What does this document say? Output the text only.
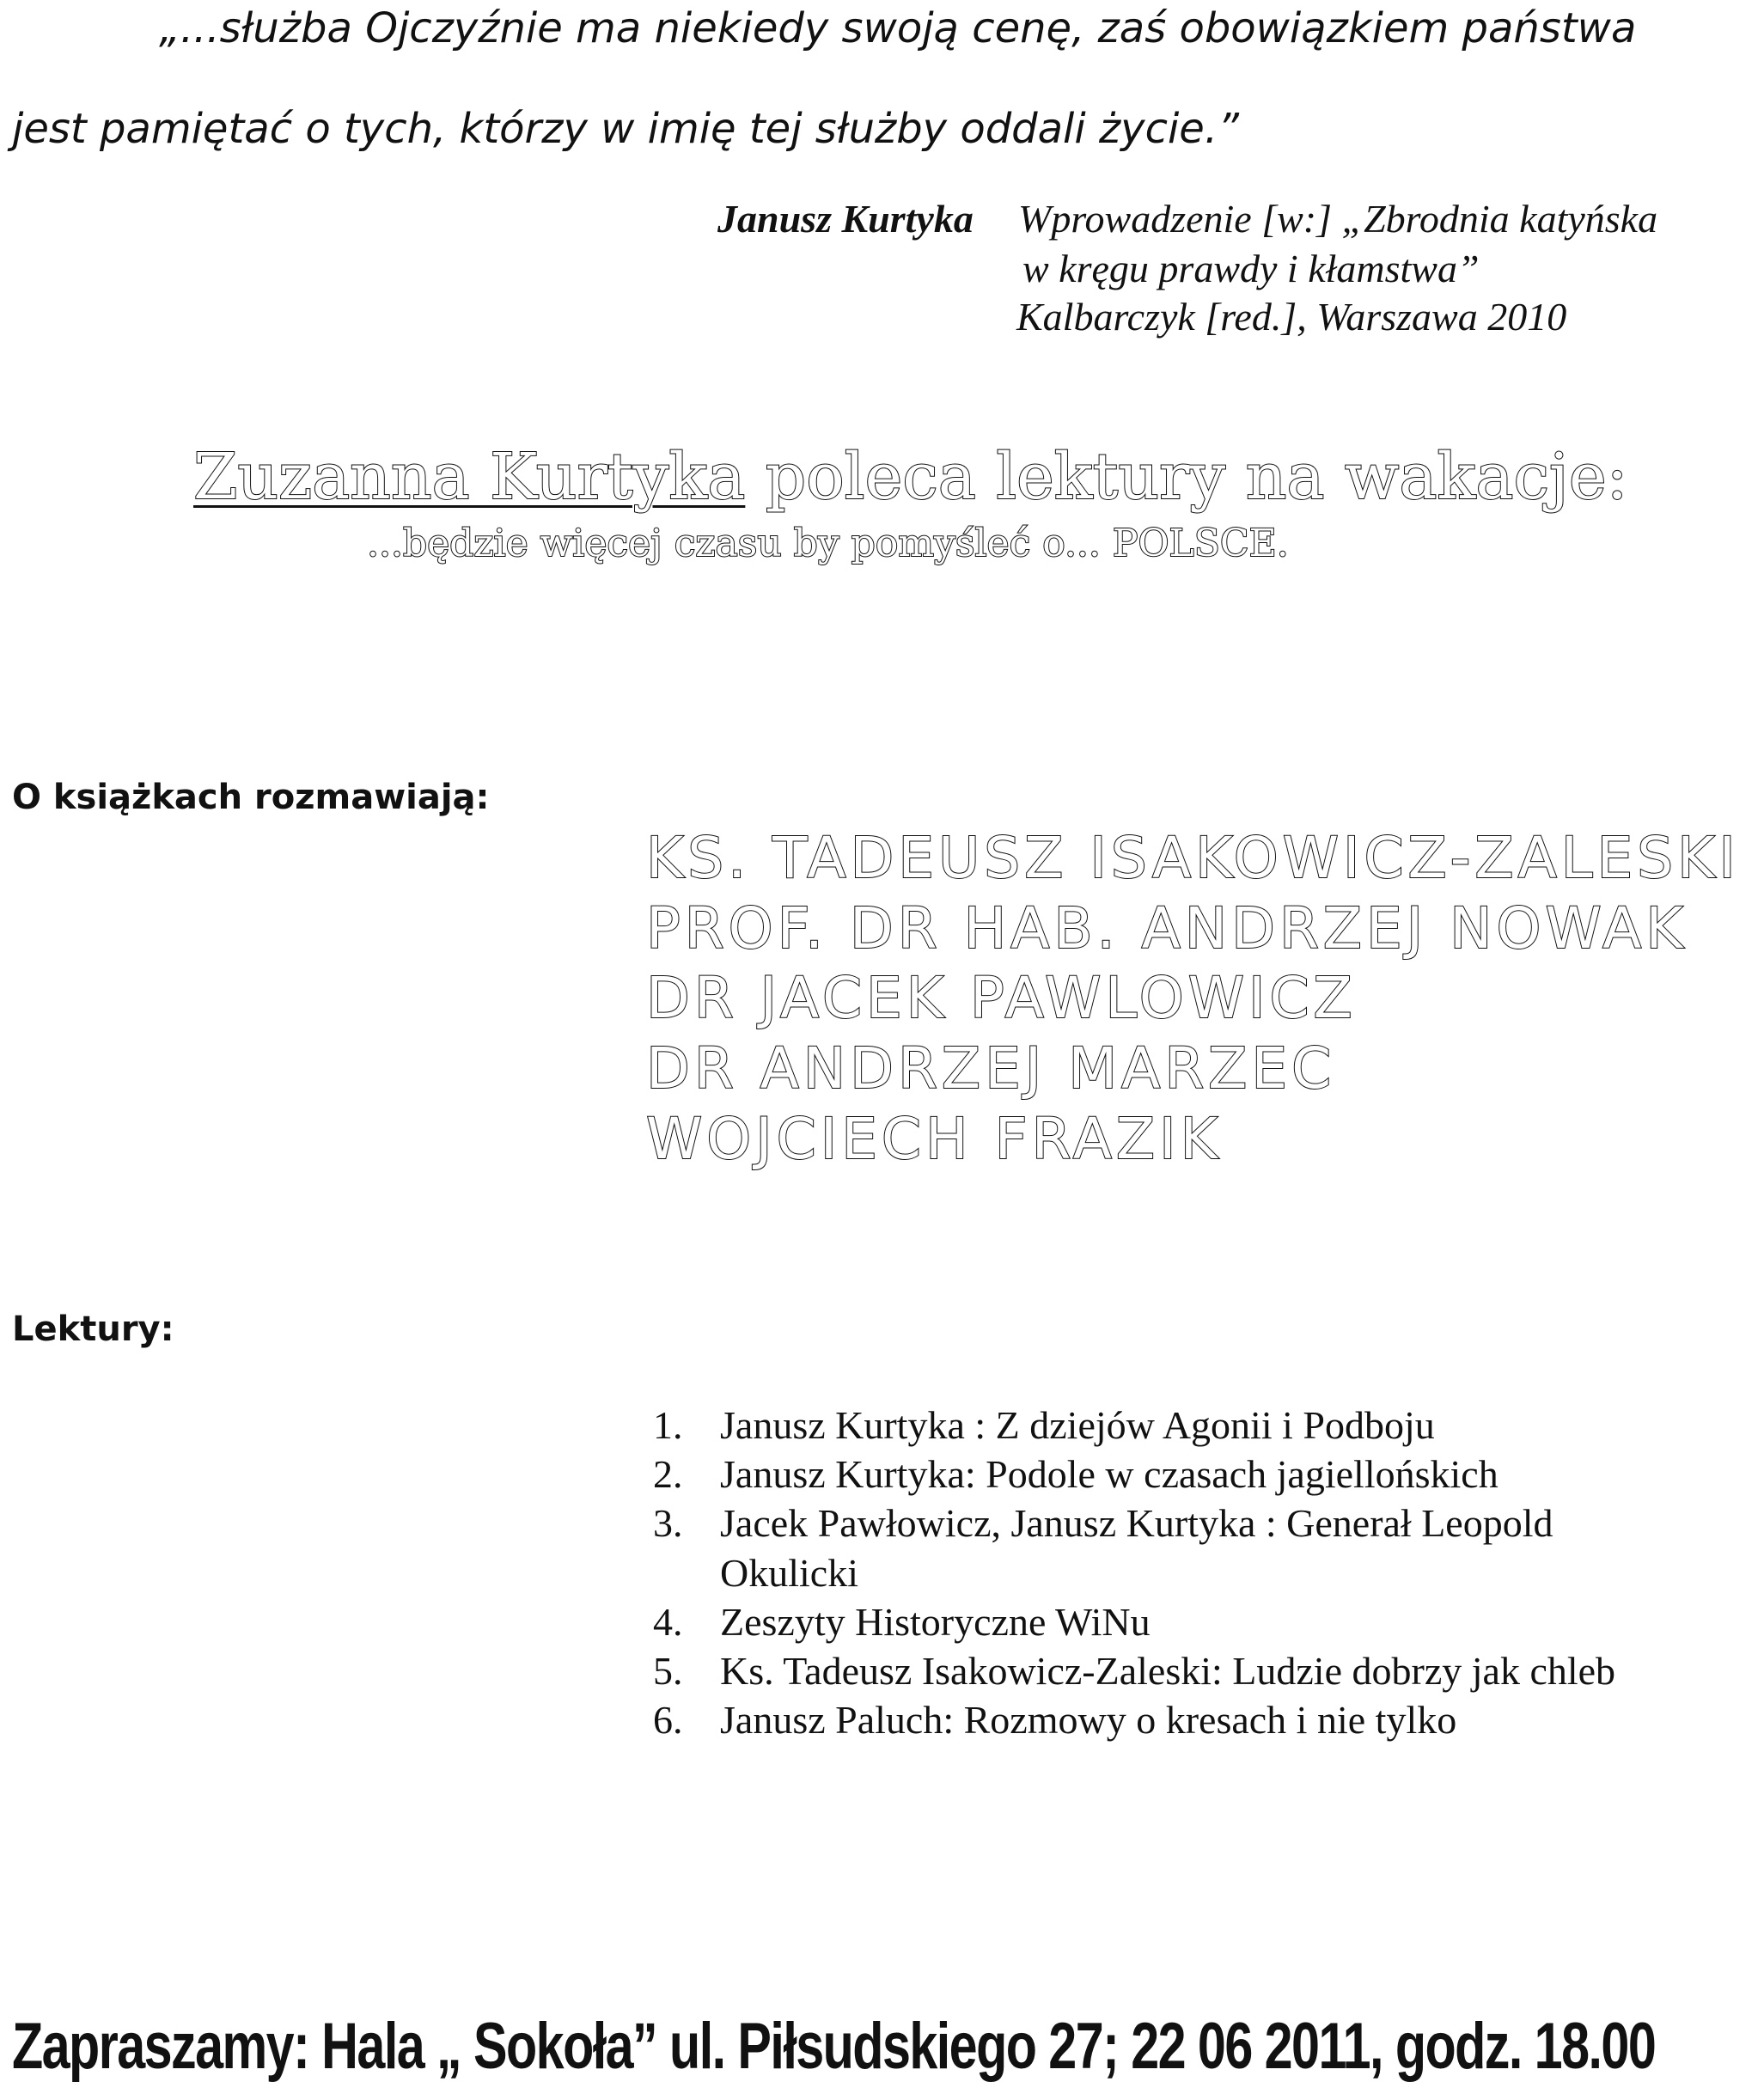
„...służba Ojczyźnie ma niekiedy swoją cenę, zaś obowiązkiem państwa
jest pamiętać o tych, którzy w imię tej służby oddali życie.”
Janusz Kurtyka Wprowadzenie [w:] „Zbrodnia katyńska
w kręgu prawdy i kłamstwa”
Kalbarczyk [red.], Warszawa 2010
Zuzanna Kurtyka poleca lektury na wakacje:
...będzie więcej czasu by pomyśleć o... POLSCE.
O książkach rozmawiają:
KS. TADEUSZ ISAKOWICZ-ZALESKI
PROF. DR HAB. ANDRZEJ NOWAK
DR JACEK PAWLOWICZ
DR ANDRZEJ MARZEC
WOJCIECH FRAZIK
Lektury:
1. Janusz Kurtyka : Z dziejów Agonii i Podboju
2. Janusz Kurtyka: Podole w czasach jagiellońskich
3. Jacek Pawłowicz, Janusz Kurtyka : Generał Leopold
Okulicki
4. Zeszyty Historyczne WiNu
5. Ks. Tadeusz Isakowicz-Zaleski: Ludzie dobrzy jak chleb
6. Janusz Paluch: Rozmowy o kresach i nie tylko
Zapraszamy: Hala „ Sokoła” ul. Piłsudskiego 27; 22 06 2011, godz. 18.00
